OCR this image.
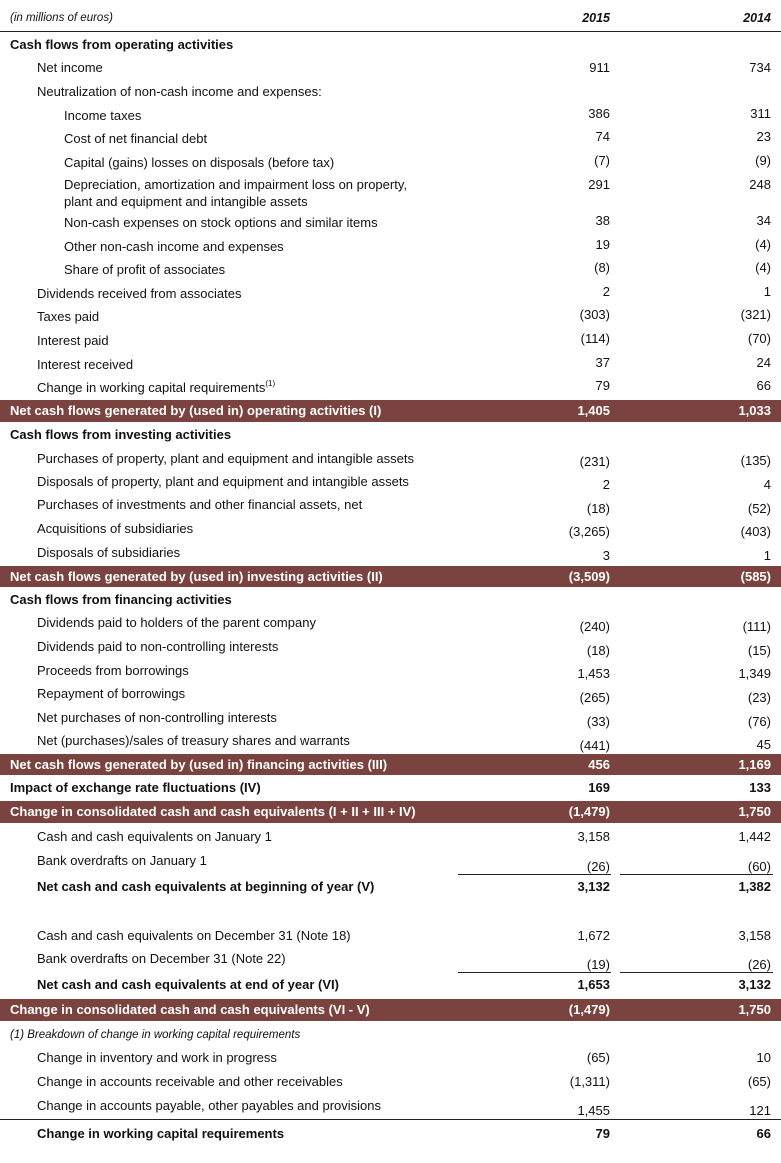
(in millions of euros)	2015	2014
Cash flows from operating activities
Net income	911	734
Neutralization of non-cash income and expenses:
Income taxes	386	311
Cost of net financial debt	74	23
Capital (gains) losses on disposals (before tax)	(7)	(9)
Depreciation, amortization and impairment loss on property,
plant and equipment and intangible assets
291	248
Non-cash expenses on stock options and similar items	38	34
Other non-cash income and expenses	19	(4)
Share of profit of associates	(8)	(4)
Dividends received from associates	2	1
Taxes paid	(303)	(321)
Interest paid	(114)	(70)
Interest received	37	24
Change in working capital requirements$^{(1)}$	79	66
Net cash flows generated by (used in) operating activities (I)	1,405	1,033
Cash flows from investing activities
Purchases of property, plant and equipment and intangible assets	(231)	(135)
Disposals of property, plant and equipment and intangible assets	2	4
Purchases of investments and other financial assets, net	(18)	(52)
Acquisitions of subsidiaries	(3,265)	(403)
Disposals of subsidiaries	3	1
Net cash flows generated by (used in) investing activities (II)	(3,509)	(585)
Cash flows from financing activities
Dividends paid to holders of the parent company	(240)	(111)
Dividends paid to non-controlling interests	(18)	(15)
Proceeds from borrowings	1,453	1,349
Repayment of borrowings	(265)	(23)
Net purchases of non-controlling interests	(33)	(76)
Net (purchases)/sales of treasury shares and warrants	(441)	45
Net cash flows generated by (used in) financing activities (III)	456	1,169
Impact of exchange rate fluctuations (IV)	169	133
Change in consolidated cash and cash equivalents (I + II + III + IV)	(1,479)	1,750
Cash and cash equivalents on January 1	3,158	1,442
Bank overdrafts on January 1	(26)	(60)
Net cash and cash equivalents at beginning of year (V)	3,132	1,382
Cash and cash equivalents on December 31 (Note 18)	1,672	3,158
Bank overdrafts on December 31 (Note 22)	(19)	(26)
Net cash and cash equivalents at end of year (VI)	1,653	3,132
Change in consolidated cash and cash equivalents (VI - V)	(1,479)	1,750
(1) Breakdown of change in working capital requirements
Change in inventory and work in progress	(65)	10
Change in accounts receivable and other receivables	(1,311)	(65)
Change in accounts payable, other payables and provisions	1,455	121
Change in working capital requirements	79	66
